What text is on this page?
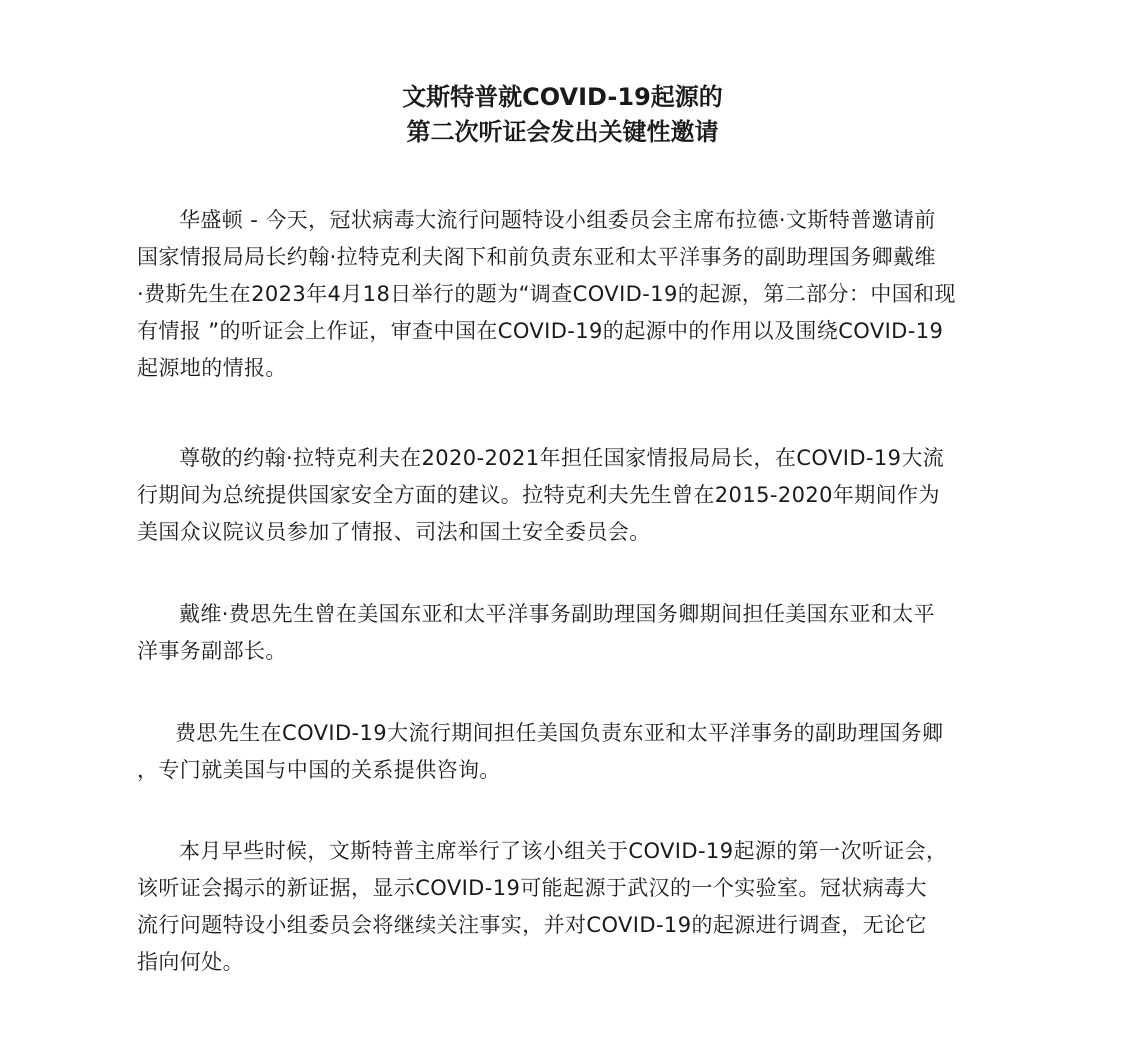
文斯特普就COVID-19起源的
第二次听证会发出关键性邀请
华盛顿 - 今天，冠状病毒大流行问题特设小组委员会主席布拉德·文斯特普邀请前
国家情报局局长约翰·拉特克利夫阁下和前负责东亚和太平洋事务的副助理国务卿戴维
·费斯先生在2023年4月18日举行的题为“调查COVID-19的起源，第二部分：中国和现
有情报 ”的听证会上作证，审查中国在COVID-19的起源中的作用以及围绕COVID-19
起源地的情报。
尊敬的约翰·拉特克利夫在2020-2021年担任国家情报局局长，在COVID-19大流
行期间为总统提供国家安全方面的建议。拉特克利夫先生曾在2015-2020年期间作为
美国众议院议员参加了情报、司法和国土安全委员会。
戴维·费思先生曾在美国东亚和太平洋事务副助理国务卿期间担任美国东亚和太平
洋事务副部长。
费思先生在COVID-19大流行期间担任美国负责东亚和太平洋事务的副助理国务卿
，专门就美国与中国的关系提供咨询。
本月早些时候，文斯特普主席举行了该小组关于COVID-19起源的第一次听证会，
该听证会揭示的新证据，显示COVID-19可能起源于武汉的一个实验室。冠状病毒大
流行问题特设小组委员会将继续关注事实，并对COVID-19的起源进行调查，无论它
指向何处。
